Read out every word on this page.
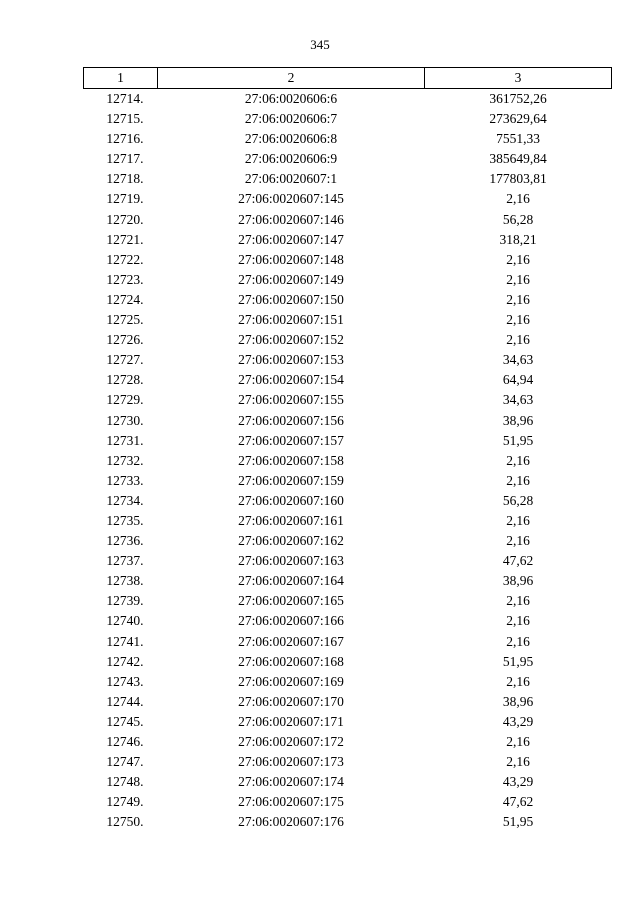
345
1	2	3
12714.	27:06:0020606:6	361752,26
12715.	27:06:0020606:7	273629,64
12716.	27:06:0020606:8	7551,33
12717.	27:06:0020606:9	385649,84
12718.	27:06:0020607:1	177803,81
12719.	27:06:0020607:145	2,16
12720.	27:06:0020607:146	56,28
12721.	27:06:0020607:147	318,21
12722.	27:06:0020607:148	2,16
12723.	27:06:0020607:149	2,16
12724.	27:06:0020607:150	2,16
12725.	27:06:0020607:151	2,16
12726.	27:06:0020607:152	2,16
12727.	27:06:0020607:153	34,63
12728.	27:06:0020607:154	64,94
12729.	27:06:0020607:155	34,63
12730.	27:06:0020607:156	38,96
12731.	27:06:0020607:157	51,95
12732.	27:06:0020607:158	2,16
12733.	27:06:0020607:159	2,16
12734.	27:06:0020607:160	56,28
12735.	27:06:0020607:161	2,16
12736.	27:06:0020607:162	2,16
12737.	27:06:0020607:163	47,62
12738.	27:06:0020607:164	38,96
12739.	27:06:0020607:165	2,16
12740.	27:06:0020607:166	2,16
12741.	27:06:0020607:167	2,16
12742.	27:06:0020607:168	51,95
12743.	27:06:0020607:169	2,16
12744.	27:06:0020607:170	38,96
12745.	27:06:0020607:171	43,29
12746.	27:06:0020607:172	2,16
12747.	27:06:0020607:173	2,16
12748.	27:06:0020607:174	43,29
12749.	27:06:0020607:175	47,62
12750.	27:06:0020607:176	51,95
